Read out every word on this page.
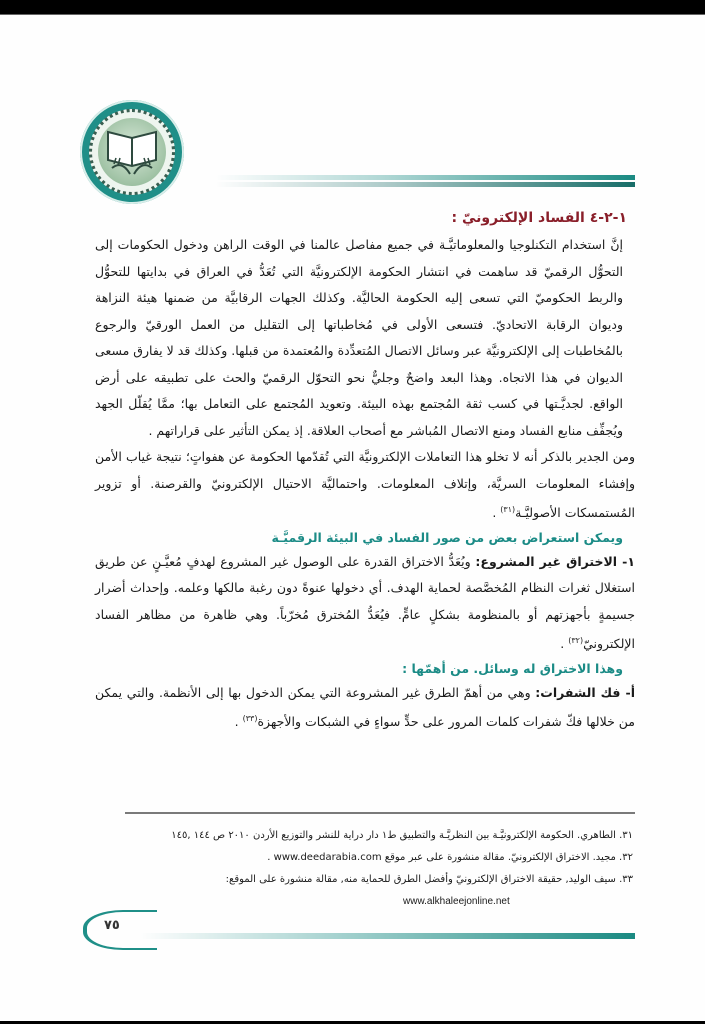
١-٢-٤ الفساد الإلكترونيّ :

إنَّ استخدام التكنلوجيا والمعلوماتيَّـة في جميع مفاصل عالمنا في الوقت الراهن ودخول الحكومات إلى التحوُّل الرقميّ قد ساهمت في انتشار الحكومة الإلكترونيَّة التي تُعَدُّ في العراق في بدايتها للتحوُّل والربط الحكوميّ التي تسعى إليه الحكومة الحاليَّة. وكذلك الجهات الرقابيَّة من ضمنها هيئة النزاهة وديوان الرقابة الاتحاديّ. فتسعى الأولى في مُخاطباتها إلى التقليل من العمل الورقيّ والرجوع بالمُخاطبات إلى الإلكترونيَّة عبر وسائل الاتصال المُتعدِّدة والمُعتمدة من قبلها. وكذلك قد لا يفارق مسعى الديوان في هذا الاتجاه. وهذا البعد واضحٌ وجليٌّ نحو التحوّل الرقميّ والحث على تطبيقه على أرض الواقع. لجديَّـتها في كسب ثقة المُجتمع بهذه البيئة. وتعويد المُجتمع على التعامل بها؛ ممَّا يُقلّل الجهد ويُجفِّف منابع الفساد ومنع الاتصال المُباشر مع أصحاب العلاقة. إذ يمكن التأثير على قراراتهم .

ومن الجدير بالذكر أنه لا تخلو هذا التعاملات الإلكترونيَّة التي تُقدّمها الحكومة عن هفواتٍ؛ نتيجة غياب الأمن وإفشاء المعلومات السريَّة، وإتلاف المعلومات. واحتماليَّة الاحتيال الإلكترونيّ والقرصنة. أو تزوير المُستمسكات الأصوليَّـة$^{(٣١)}$ .

ويمكن استعراض بعض من صور الفساد في البيئة الرقميَّـة

١- الاختراق غير المشروع: ويُعَدُّ الاختراق القدرة على الوصول غير المشروع لهدفٍ مُعيَّـنٍ عن طريق استغلال ثغرات النظام المُخصَّصة لحماية الهدف. أي دخولها عنوةً دون رغبة مالكها وعلمه. وإحداث أضرار جسيمةٍ بأجهزتهم أو بالمنظومة بشكلٍ عامٍّ. فيُعَدُّ المُخترق مُخرّباً. وهي ظاهرة من مظاهر الفساد الإلكترونيّ$^{(٣٢)}$ .

وهذا الاختراق له وسائل. من أهمّها :

أ- فك الشفرات: وهي من أهمّ الطرق غير المشروعة التي يمكن الدخول بها إلى الأنظمة. والتي يمكن من خلالها فكّ شفرات كلمات المرور على حدٍّ سواءٍ في الشبكات والأجهزة$^{(٣٣)}$ .

٣١. الطاهري. الحكومة الإلكترونيَّـة بين النظريَّـة والتطبيق ط١ دار دراية للنشر والتوزيع الأردن ٢٠١٠ ص ١٤٤ ,١٤٥

٣٢. مجيد. الاختراق الإلكترونيّ. مقالة منشورة على عبر موقع www.deedarabia.com .

٣٣. سيف الوليد, حقيقة الاختراق الإلكترونيّ وأفضل الطرق للحماية منه, مقالة منشورة على الموقع:

www.alkhaleejonline.net

٧٥
